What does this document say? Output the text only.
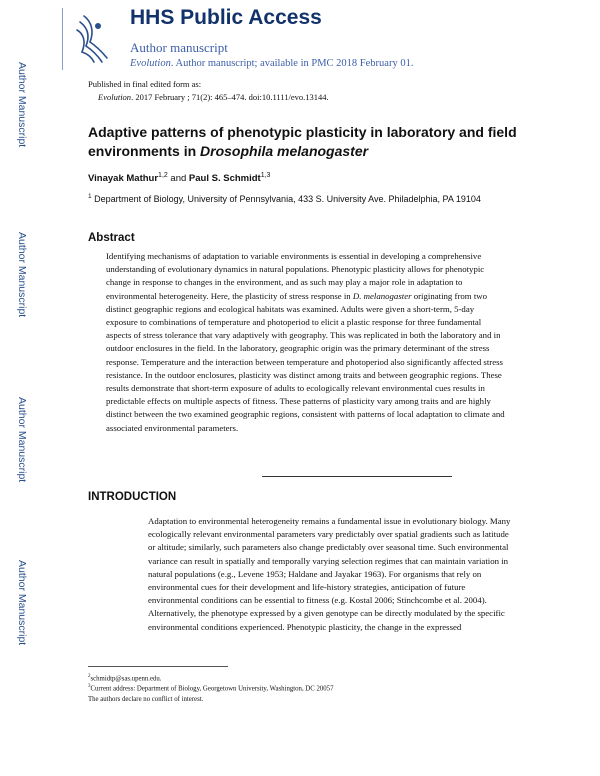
Author Manuscript
Author Manuscript
Author Manuscript
Author Manuscript
HHS Public Access
Author manuscript
Evolution. Author manuscript; available in PMC 2018 February 01.
Published in final edited form as:
Evolution. 2017 February ; 71(2): 465–474. doi:10.1111/evo.13144.
Adaptive patterns of phenotypic plasticity in laboratory and field environments in Drosophila melanogaster
Vinayak Mathur$^{1,2}$ and Paul S. Schmidt$^{1,3}$
$^1$ Department of Biology, University of Pennsylvania, 433 S. University Ave. Philadelphia, PA 19104
Abstract
Identifying mechanisms of adaptation to variable environments is essential in developing a comprehensive understanding of evolutionary dynamics in natural populations. Phenotypic plasticity allows for phenotypic change in response to changes in the environment, and as such may play a major role in adaptation to environmental heterogeneity. Here, the plasticity of stress response in D. melanogaster originating from two distinct geographic regions and ecological habitats was examined. Adults were given a short-term, 5-day exposure to combinations of temperature and photoperiod to elicit a plastic response for three fundamental aspects of stress tolerance that vary adaptively with geography. This was replicated in both the laboratory and in outdoor enclosures in the field. In the laboratory, geographic origin was the primary determinant of the stress response. Temperature and the interaction between temperature and photoperiod also significantly affected stress resistance. In the outdoor enclosures, plasticity was distinct among traits and between geographic regions. These results demonstrate that short-term exposure of adults to ecologically relevant environmental cues results in predictable effects on multiple aspects of fitness. These patterns of plasticity vary among traits and are highly distinct between the two examined geographic regions, consistent with patterns of local adaptation to climate and associated environmental parameters.
INTRODUCTION
Adaptation to environmental heterogeneity remains a fundamental issue in evolutionary biology. Many ecologically relevant environmental parameters vary predictably over spatial gradients such as latitude or altitude; similarly, such parameters also change predictably over seasonal time. Such environmental variance can result in spatially and temporally varying selection regimes that can maintain variation in natural populations (e.g., Levene 1953; Haldane and Jayakar 1963). For organisms that rely on environmental cues for their development and life-history strategies, anticipation of future environmental conditions can be essential to fitness (e.g. Kostal 2006; Stinchcombe et al. 2004). Alternatively, the phenotype expressed by a given genotype can be directly modulated by the specific environmental conditions experienced. Phenotypic plasticity, the change in the expressed
$^2$schmidtp@sas.upenn.edu.
$^3$Current address: Department of Biology, Georgetown University, Washington, DC 20057
The authors declare no conflict of interest.
